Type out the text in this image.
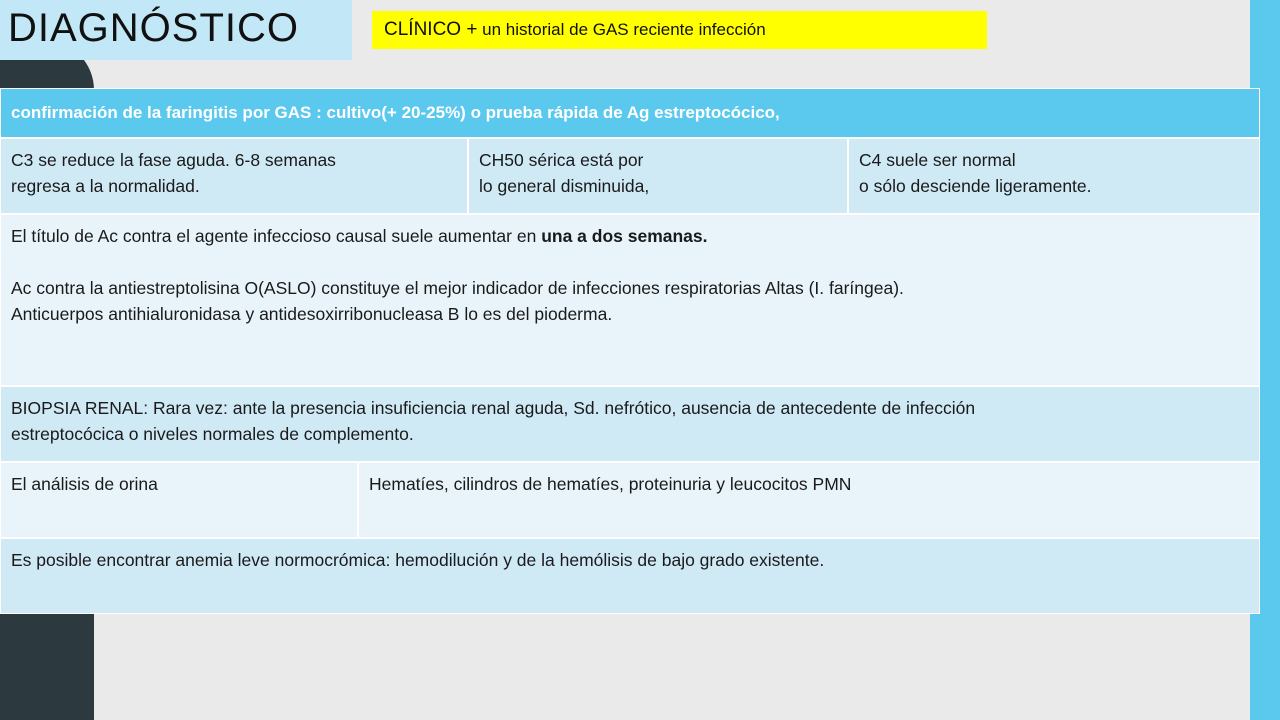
DIAGNÓSTICO	CLÍNICO + un historial de GAS reciente infección
confirmación de la faringitis por GAS : cultivo(+ 20-25%) o prueba rápida de Ag estreptocócico,

C3 se reduce la fase aguda. 6-8 semanas

regresa a la normalidad.

CH50 sérica está por

lo general disminuida,

C4 suele ser normal

o sólo desciende ligeramente.

El título de Ac contra el agente infeccioso causal suele aumentar en una a dos semanas.

Ac contra la antiestreptolisina O(ASLO) constituye el mejor indicador de infecciones respiratorias Altas (I. faríngea).

Anticuerpos antihialuronidasa y antidesoxirribonucleasa B lo es del pioderma.

BIOPSIA RENAL: Rara vez: ante la presencia insuficiencia renal aguda, Sd. nefrótico, ausencia de antecedente de infección

estreptocócica o niveles normales de complemento.

El análisis de orina	Hematíes, cilindros de hematíes, proteinuria y leucocitos PMN
Es posible encontrar anemia leve normocrómica: hemodilución y de la hemólisis de bajo grado existente.
